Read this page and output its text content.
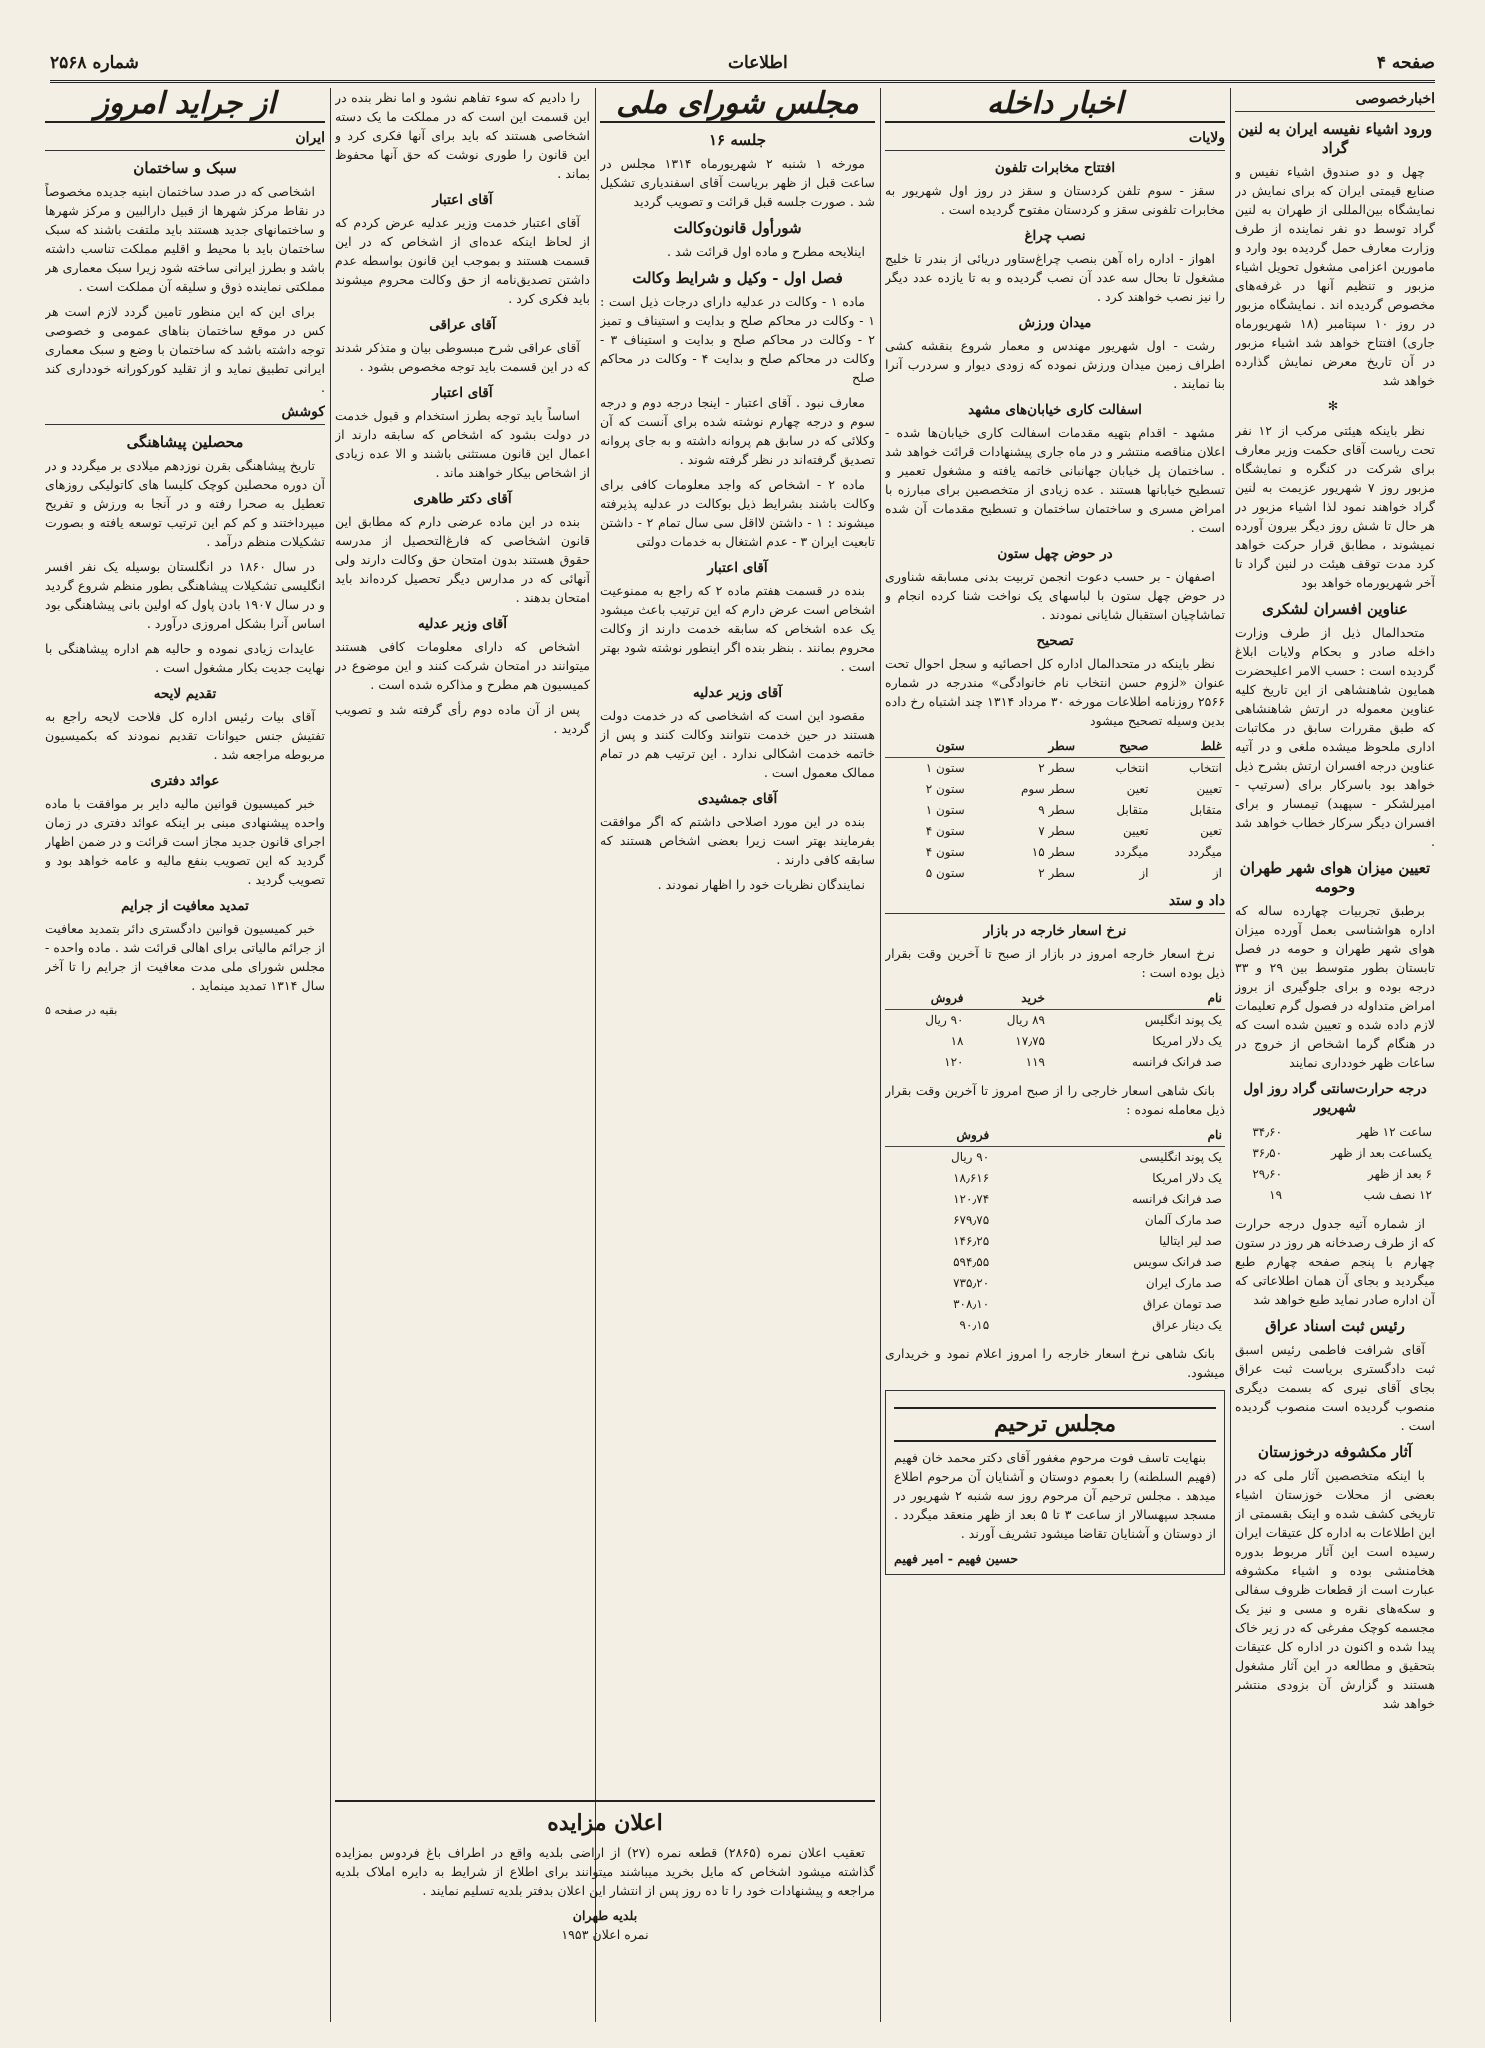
صفحه ۴
اطلاعات
شماره ۲۵۶۸
اخبارخصوصی
ورود اشیاء نفیسه ایران به لنین گراد

چهل و دو صندوق اشیاء نفیس و صنایع قیمتی ایران که برای نمایش در نمایشگاه بین‌المللی از طهران به لنین گراد توسط دو نفر نماینده از طرف وزارت معارف حمل گردیده بود وارد و مامورین اعزامی مشغول تحویل اشیاء مزبور و تنظیم آنها در غرفه‌های مخصوص گردیده اند . نمایشگاه مزبور در روز ۱۰ سپتامبر (۱۸ شهریورماه جاری) افتتاح خواهد شد اشیاء مزبور در آن تاریخ معرض نمایش گذارده خواهد شد

✻

نظر باینکه هیئتی مرکب از ۱۲ نفر تحت ریاست آقای حکمت وزیر معارف برای شرکت در کنگره و نمایشگاه مزبور روز ۷ شهریور عزیمت به لنین گراد خواهند نمود لذا اشیاء مزبور در هر حال تا شش روز دیگر بیرون آورده نمیشوند ، مطابق قرار حرکت خواهد کرد مدت توقف هیئت در لنین گراد تا آخر شهریورماه خواهد بود

عناوین افسران لشکری

متحدالمال ذیل از طرف وزارت داخله صادر و بحکام ولایات ابلاغ گردیده است : حسب الامر اعلیحضرت همایون شاهنشاهی از این تاریخ کلیه عناوین معموله در ارتش شاهنشاهی که طبق مقررات سابق در مکاتبات اداری ملحوظ میشده ملغی و در آتیه عناوین درجه افسران ارتش بشرح ذیل خواهد بود باسرکار برای (سرتیپ - امیرلشکر - سپهبد) تیمسار و برای افسران دیگر سرکار خطاب خواهد شد .

تعیین میزان هوای شهر طهران وحومه

برطبق تجربیات چهارده ساله که اداره هواشناسی بعمل آورده میزان هوای شهر طهران و حومه در فصل تابستان بطور متوسط بین ۲۹ و ۳۳ درجه بوده و برای جلوگیری از بروز امراض متداوله در فصول گرم تعلیمات لازم داده شده و تعیین شده است که در هنگام گرما اشخاص از خروج در ساعات ظهر خودداری نمایند

درجه حرارت‌سانتی گراد روز اول شهریور
ساعت ۱۲ ظهر	۳۴٫۶۰
یکساعت بعد از ظهر	۳۶٫۵۰
۶ بعد از ظهر	۲۹٫۶۰
۱۲ نصف شب	۱۹

از شماره آتیه جدول درجه حرارت که از طرف رصدخانه هر روز در ستون چهارم با پنجم صفحه چهارم طبع میگردید و بجای آن همان اطلاعاتی که آن اداره صادر نماید طبع خواهد شد

رئیس ثبت اسناد عراق

آقای شرافت فاطمی رئیس اسبق ثبت دادگستری بریاست ثبت عراق بجای آقای نیری که بسمت دیگری منصوب گردیده است منصوب گردیده است .

آثار مکشوفه درخوزستان

با اینکه متخصصین آثار ملی که در بعضی از محلات خوزستان اشیاء تاریخی کشف شده و اینک بقسمتی از این اطلاعات به اداره کل عتیقات ایران رسیده است این آثار مربوط بدوره هخامنشی بوده و اشیاء مکشوفه عبارت است از قطعات ظروف سفالی و سکه‌های نقره و مسی و نیز یک مجسمه کوچک مفرغی که در زیر خاک پیدا شده و اکنون در اداره کل عتیقات بتحقیق و مطالعه در این آثار مشغول هستند و گزارش آن بزودی منتشر خواهد شد

اخبار داخله
ولایات
افتتاح مخابرات تلفون

سقز - سوم تلفن کردستان و سقز در روز اول شهریور به مخابرات تلفونی سقز و کردستان مفتوح گردیده است .

نصب چراغ

اهواز - اداره راه آهن بنصب چراغ‌ستاور دریائی از بندر تا خلیج مشغول تا بحال سه عدد آن نصب گردیده و به تا یازده عدد دیگر را نیز نصب خواهند کرد .

میدان ورزش

رشت - اول شهریور مهندس و معمار شروع بنقشه کشی اطراف زمین میدان ورزش نموده که زودی دیوار و سردرب آنرا بنا نمایند .

اسفالت کاری خیابان‌های مشهد

مشهد - اقدام بتهیه مقدمات اسفالت کاری خیابان‌ها شده - اعلان مناقصه منتشر و در ماه جاری پیشنهادات قرائت خواهد شد . ساختمان پل خیابان جهانبانی خاتمه یافته و مشغول تعمیر و تسطیح خیابانها هستند . عده زیادی از متخصصین برای مبارزه با امراض مسری و ساختمان ساختمان و تسطیح مقدمات آن شده است .

در حوض چهل ستون

اصفهان - بر حسب دعوت انجمن تربیت بدنی مسابقه شناوری در حوض چهل ستون با لباسهای یک نواخت شنا کرده انجام و تماشاچیان استقبال شایانی نمودند .

تصحیح

نظر باینکه در متحدالمال اداره کل احصائیه و سجل احوال تحت عنوان «لزوم حسن انتخاب نام خانوادگی» مندرجه در شماره ۲۵۶۶ روزنامه اطلاعات مورخه ۳۰ مرداد ۱۳۱۴ چند اشتباه رخ داده بدین وسیله تصحیح میشود

غلط	صحیح	سطر	ستون
انتخاب	انتخاب	سطر ۲	ستون ۱
تعیین	تعین	سطر سوم	ستون ۲
متقابل	متقابل	سطر ۹	ستون ۱
تعین	تعیین	سطر ۷	ستون ۴
میگردد	میگردد	سطر ۱۵	ستون ۴
از	از	سطر ۲	ستون ۵
داد و ستد
نرخ اسعار خارجه در بازار

نرخ اسعار خارجه امروز در بازار از صبح تا آخرین وقت بقرار ذیل بوده است :

نام	خرید	فروش
یک پوند انگلیس	۸۹ ریال	۹۰ ریال
یک دلار امریکا	۱۷٫۷۵	۱۸
صد فرانک فرانسه	۱۱۹	۱۲۰

بانک شاهی اسعار خارجی را از صبح امروز تا آخرین وقت بقرار ذیل معامله نموده :

نام	فروش
یک پوند انگلیسی	۹۰ ریال
یک دلار امریکا	۱۸٫۶۱۶
صد فرانک فرانسه	۱۲۰٫۷۴
صد مارک آلمان	۶۷۹٫۷۵
صد لیر ایتالیا	۱۴۶٫۲۵
صد فرانک سویس	۵۹۴٫۵۵
صد مارک ایران	۷۳۵٫۲۰
صد تومان عراق	۳۰۸٫۱۰
یک دینار عراق	۹۰٫۱۵

بانک شاهی نرخ اسعار خارجه را امروز اعلام نمود و خریداری میشود.

مجلس ترحیم

بنهایت تاسف فوت مرحوم مغفور آقای دکتر محمد خان فهیم (فهیم السلطنه) را بعموم دوستان و آشنایان آن مرحوم اطلاع میدهد . مجلس ترحیم آن مرحوم روز سه شنبه ۲ شهریور در مسجد سپهسالار از ساعت ۳ تا ۵ بعد از ظهر منعقد میگردد . از دوستان و آشنایان تقاضا میشود تشریف آورند .

حسین فهیم - امیر فهیم
مجلس شورای ملی
جلسه ۱۶

مورخه ۱ شنبه ۲ شهریورماه ۱۳۱۴ مجلس در ساعت قبل از ظهر بریاست آقای اسفندیاری تشکیل شد . صورت جلسه قبل قرائت و تصویب گردید

شورأول قانون‌وکالت

اینلایحه مطرح و ماده اول قرائت شد .

فصل اول - وکیل و شرایط وکالت

ماده ۱ - وکالت در عدلیه دارای درجات ذیل است : ۱ - وکالت در محاکم صلح و بدایت و استیناف و تمیز ۲ - وکالت در محاکم صلح و بدایت و استیناف ۳ - وکالت در محاکم صلح و بدایت ۴ - وکالت در محاکم صلح

معارف نبود . آقای اعتبار - اینجا درجه دوم و درجه سوم و درجه چهارم نوشته شده برای آنست که آن وکلائی که در سابق هم پروانه داشته و به جای پروانه تصدیق گرفته‌اند در نظر گرفته شوند .

ماده ۲ - اشخاص که واجد معلومات کافی برای وکالت باشند بشرایط ذیل بوکالت در عدلیه پذیرفته میشوند : ۱ - داشتن لااقل سی سال تمام ۲ - داشتن تابعیت ایران ۳ - عدم اشتغال به خدمات دولتی

آقای اعتبار

بنده در قسمت هفتم ماده ۲ که راجع به ممنوعیت اشخاص است عرض دارم که این ترتیب باعث میشود یک عده اشخاص که سابقه خدمت دارند از وکالت محروم بمانند . بنظر بنده اگر اینطور نوشته شود بهتر است .

آقای وزیر عدلیه

مقصود این است که اشخاصی که در خدمت دولت هستند در حین خدمت نتوانند وکالت کنند و پس از خاتمه خدمت اشکالی ندارد . این ترتیب هم در تمام ممالک معمول است .

آقای جمشیدی

بنده در این مورد اصلاحی داشتم که اگر موافقت بفرمایند بهتر است زیرا بعضی اشخاص هستند که سابقه کافی دارند .

نمایندگان نظریات خود را اظهار نمودند .

را دادیم که سوء تفاهم نشود و اما نظر بنده در این قسمت این است که در مملکت ما یک دسته اشخاصی هستند که باید برای آنها فکری کرد و این قانون را طوری نوشت که حق آنها محفوظ بماند .

آقای اعتبار

آقای اعتبار خدمت وزیر عدلیه عرض کردم که از لحاظ اینکه عده‌ای از اشخاص که در این قسمت هستند و بموجب این قانون بواسطه عدم داشتن تصدیق‌نامه از حق وکالت محروم میشوند باید فکری کرد .

آقای عراقی

آقای عراقی شرح مبسوطی بیان و متذکر شدند که در این قسمت باید توجه مخصوص بشود .

آقای اعتبار

اساساً باید توجه بطرز استخدام و قبول خدمت در دولت بشود که اشخاص که سابقه دارند از اعمال این قانون مستثنی باشند و الا عده زیادی از اشخاص بیکار خواهند ماند .

آقای دکتر طاهری

بنده در این ماده عرضی دارم که مطابق این قانون اشخاصی که فارغ‌التحصیل از مدرسه حقوق هستند بدون امتحان حق وکالت دارند ولی آنهائی که در مدارس دیگر تحصیل کرده‌اند باید امتحان بدهند .

آقای وزیر عدلیه

اشخاص که دارای معلومات کافی هستند میتوانند در امتحان شرکت کنند و این موضوع در کمیسیون هم مطرح و مذاکره شده است .

پس از آن ماده دوم رأی گرفته شد و تصویب گردید .

اعلان مزایده

تعقیب اعلان نمره (۲۸۶۵) قطعه نمره (۲۷) از اراضی بلدیه واقع در اطراف باغ فردوس بمزایده گذاشته میشود اشخاص که مایل بخرید میباشند میتوانند برای اطلاع از شرایط به دایره املاک بلدیه مراجعه و پیشنهادات خود را تا ده روز پس از انتشار این اعلان بدفتر بلدیه تسلیم نمایند .

بلدیه طهران
نمره اعلان ۱۹۵۳
از جراید امروز
ایران
سبک و ساختمان

اشخاصی که در صدد ساختمان ابنیه جدیده مخصوصاً در نقاط مرکز شهرها از قبیل دارالبین و مرکز شهرها و ساختمانهای جدید هستند باید ملتفت باشند که سبک ساختمان باید با محیط و اقلیم مملکت تناسب داشته باشد و بطرز ایرانی ساخته شود زیرا سبک معماری هر مملکتی نماینده ذوق و سلیقه آن مملکت است .

برای این که این منظور تامین گردد لازم است هر کس در موقع ساختمان بناهای عمومی و خصوصی توجه داشته باشد که ساختمان با وضع و سبک معماری ایرانی تطبیق نماید و از تقلید کورکورانه خودداری کند .

کوشش
محصلین پیشاهنگی

تاریخ پیشاهنگی بقرن نوزدهم میلادی بر میگردد و در آن دوره محصلین کوچک کلیسا های کاتولیکی روزهای تعطیل به صحرا رفته و در آنجا به ورزش و تفریح میپرداختند و کم کم این ترتیب توسعه یافته و بصورت تشکیلات منظم درآمد .

در سال ۱۸۶۰ در انگلستان بوسیله یک نفر افسر انگلیسی تشکیلات پیشاهنگی بطور منظم شروع گردید و در سال ۱۹۰۷ بادن پاول که اولین بانی پیشاهنگی بود اساس آنرا بشکل امروزی درآورد .

عایدات زیادی نموده و حالیه هم اداره پیشاهنگی با نهایت جدیت بکار مشغول است .

تقدیم لایحه

آقای بیات رئیس اداره کل فلاحت لایحه راجع به تفتیش جنس حیوانات تقدیم نمودند که بکمیسیون مربوطه مراجعه شد .

عوائد دفتری

خبر کمیسیون قوانین مالیه دایر بر موافقت با ماده واحده پیشنهادی مبنی بر اینکه عوائد دفتری در زمان اجرای قانون جدید مجاز است قرائت و در ضمن اظهار گردید که این تصویب بنفع مالیه و عامه خواهد بود و تصویب گردید .

تمدید معافیت از جرایم

خبر کمیسیون قوانین دادگستری دائر بتمدید معافیت از جرائم مالیاتی برای اهالی قرائت شد . ماده واحده - مجلس شورای ملی مدت معافیت از جرایم را تا آخر سال ۱۳۱۴ تمدید مینماید .

بقیه در صفحه ۵
